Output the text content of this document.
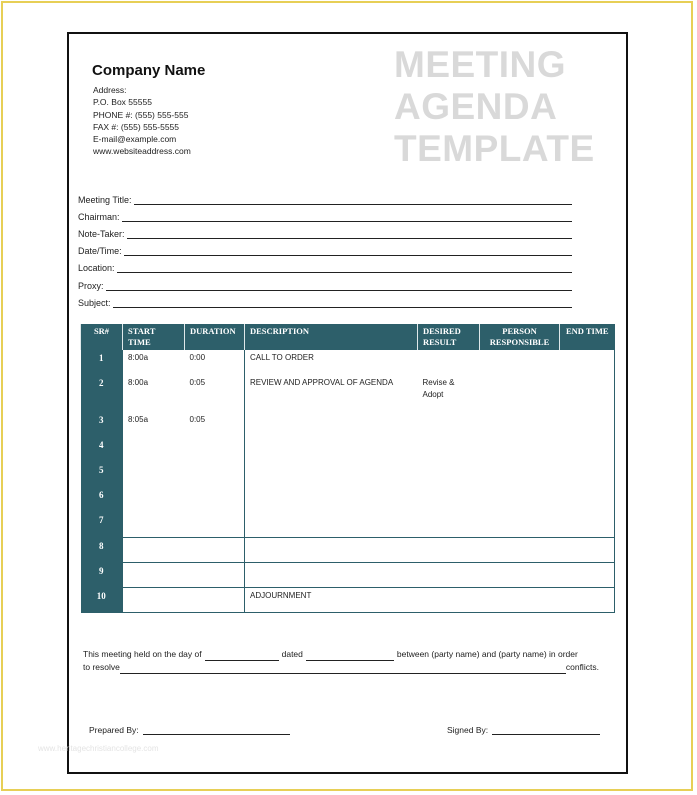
Company Name
Address:
P.O. Box 55555
PHONE #: (555) 555-555
FAX #: (555) 555-5555
E-mail@example.com
www.websiteaddress.com
MEETING
AGENDA
TEMPLATE
Meeting Title:
Chairman:
Note-Taker:
Date/Time:
Location:
Proxy:
Subject:
SR#	START TIME	DURATION	DESCRIPTION	DESIRED RESULT	PERSON RESPONSIBLE	END TIME
1	8:00a	0:00	CALL TO ORDER			
2	8:00a	0:05	REVIEW AND APPROVAL OF AGENDA	Revise & Adopt		
3	8:05a	0:05				
4						
5						
6						
7						
8						
9						
10			ADJOURNMENT			
This meeting held on the day of	dated	between (party name) and (party name) in order
to resolve	conflicts.
Prepared By:	Signed By:
www.heritagechristiancollege.com
